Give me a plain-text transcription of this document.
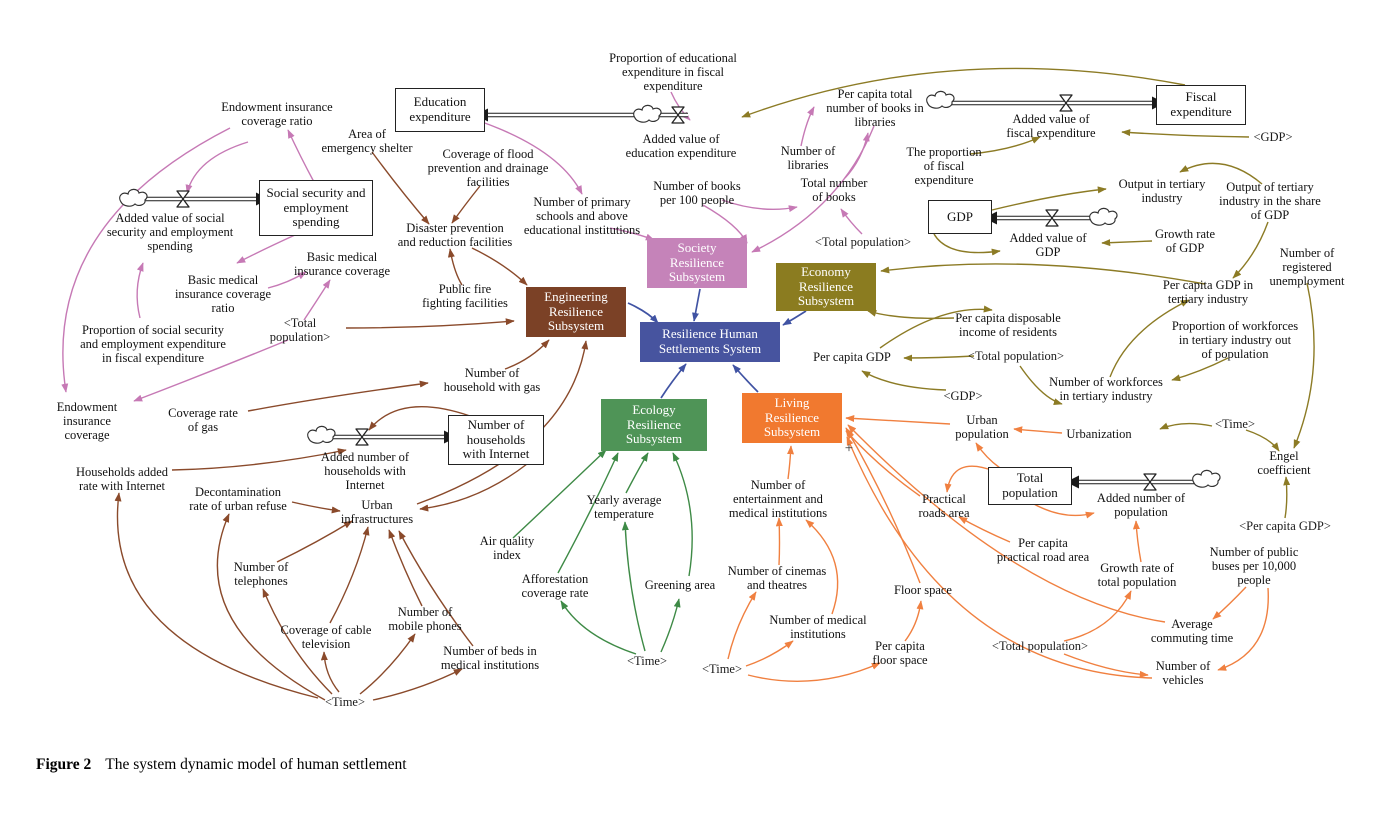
Endowment insurance
coverage ratio
Added value of social
security and employment
spending
Basic medical
insurance coverage
ratio
Basic medical
insurance coverage
Proportion of social security
and employment expenditure
in fiscal expenditure
Endowment
insurance
coverage
<Total
population>
Area of
emergency shelter	Coverage of flood
prevention and drainage
facilities
Disaster prevention
and reduction facilities
Public fire
fighting facilities
Proportion of educational
expenditure in fiscal
expenditure
Added value of
education expenditure
Number of primary
schools and above
educational institutions
Number of books
per 100 people
Per capita total
number of books in
libraries
Number of
libraries
Total number
of books
<Total population>
The proportion
of fiscal
expenditure
Added value of
fiscal expenditure	<GDP>
Added value of
GDP
Growth rate
of GDP
Output in tertiary
industry
Output of tertiary
industry in the share
of GDP
Number of
registered
unemployment
Per capita GDP in
tertiary industry
Proportion of workforces
in tertiary industry out
of population
Number of workforces
in tertiary industry
Per capita disposable
income of residents
<Total population>
Per capita GDP
<GDP>
Urban
population	Urbanization
<Time>
Engel
coefficient
<Per capita GDP>
Added number of
population
Practical
roads area
Per capita
practical road area
Growth rate of
total population
Number of public
buses per 10,000
people
Average
commuting time
Number of
vehicles
<Total population>
Floor space
Per capita
floor space
Number of
entertainment and
medical institutions
Number of cinemas
and theatres
Number of medical
institutions
<Time>
<Time>
Greening area
Yearly average
temperature
Afforestation
coverage rate
Air quality
index
Number of
household with gas
Added number of
households with
Internet
Coverage rate
of gas
Urban
infrastructures
Households added
rate with Internet	Decontamination
rate of urban refuse
Number of
telephones
Coverage of cable
television
Number of
mobile phones
Number of beds in
medical institutions
<Time>
+
Social security and
employment
spending
Education
expenditure
Fiscal
expenditure
GDP
Number of
households
with Internet
Total
population
Society
Resilience
Subsystem	Economy
Resilience
Subsystem
Engineering
Resilience
Subsystem
Resilience Human
Settlements System
Ecology
Resilience
Subsystem
Living
Resilience
Subsystem
Figure 2 The system dynamic model of human settlement
